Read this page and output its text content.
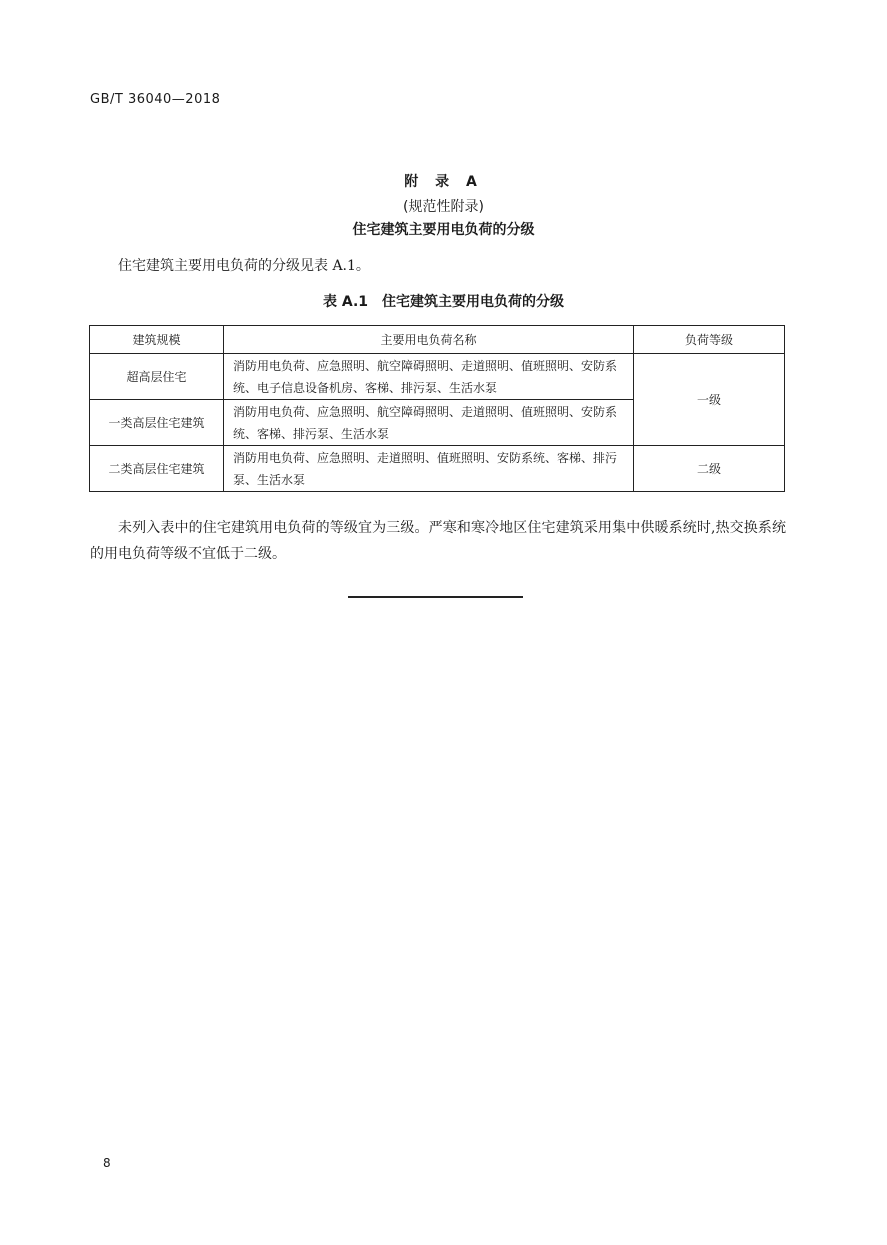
GB/T 36040—2018
附 录 A
(规范性附录)
住宅建筑主要用电负荷的分级
住宅建筑主要用电负荷的分级见表 A.1。
表 A.1　住宅建筑主要用电负荷的分级
建筑规模	主要用电负荷名称	负荷等级
超高层住宅	消防用电负荷、应急照明、航空障碍照明、走道照明、值班照明、安防系统、电子信息设备机房、客梯、排污泵、生活水泵	一级
一类高层住宅建筑	消防用电负荷、应急照明、航空障碍照明、走道照明、值班照明、安防系统、客梯、排污泵、生活水泵	
二类高层住宅建筑	消防用电负荷、应急照明、走道照明、值班照明、安防系统、客梯、排污泵、生活水泵	二级
未列入表中的住宅建筑用电负荷的等级宜为三级。严寒和寒冷地区住宅建筑采用集中供暖系统时,热交换系统的用电负荷等级不宜低于二级。
8
